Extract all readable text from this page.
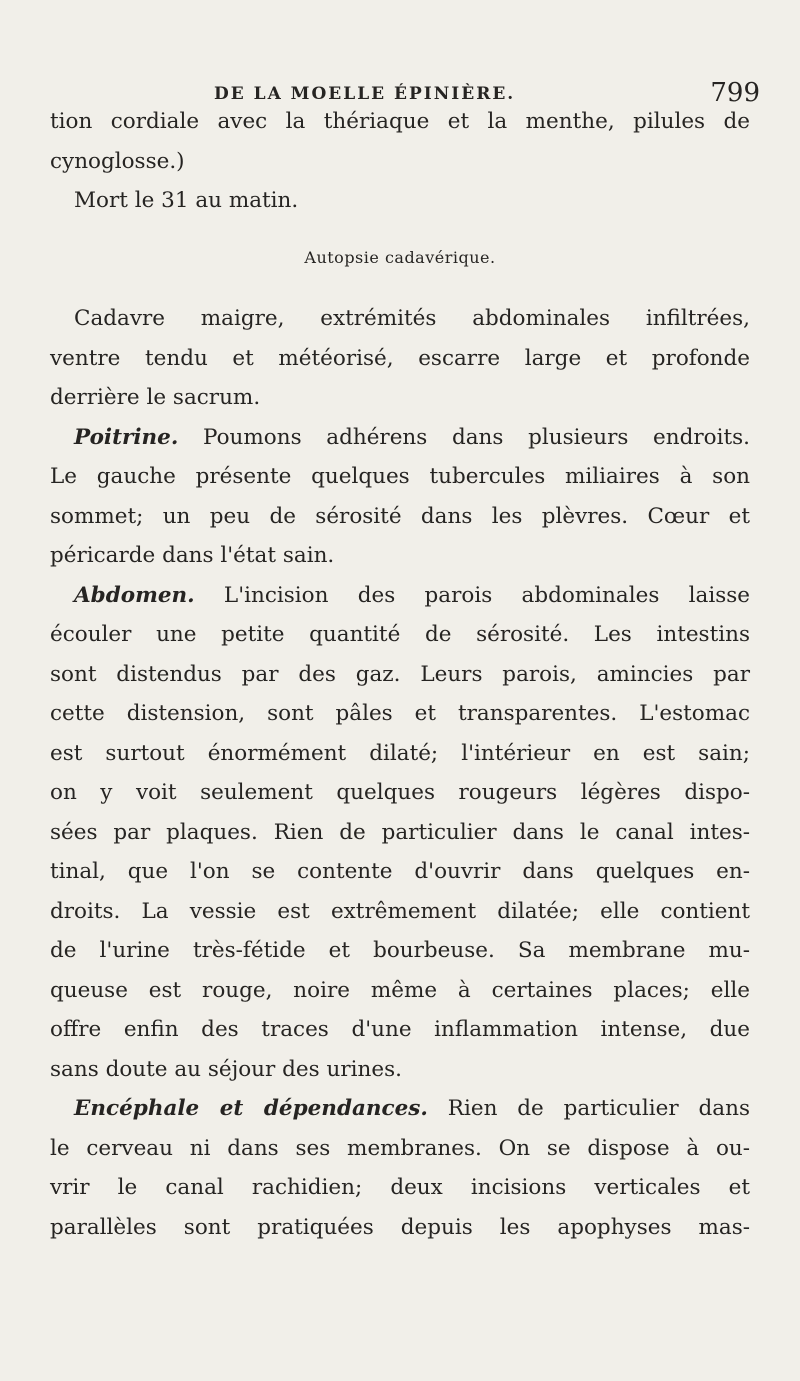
DE LA MOELLE ÉPINIÈRE.	799
tion cordiale avec la thériaque et la menthe, pilules de
cynoglosse.)
Mort le 31 au matin.
Autopsie cadavérique.
Cadavre maigre, extrémités abdominales infiltrées,
ventre tendu et météorisé, escarre large et profonde
derrière le sacrum.
Poitrine. Poumons adhérens dans plusieurs endroits.
Le gauche présente quelques tubercules miliaires à son
sommet; un peu de sérosité dans les plèvres. Cœur et
péricarde dans l'état sain.
Abdomen. L'incision des parois abdominales laisse
écouler une petite quantité de sérosité. Les intestins
sont distendus par des gaz. Leurs parois, amincies par
cette distension, sont pâles et transparentes. L'estomac
est surtout énormément dilaté; l'intérieur en est sain;
on y voit seulement quelques rougeurs légères dispo-
sées par plaques. Rien de particulier dans le canal intes-
tinal, que l'on se contente d'ouvrir dans quelques en-
droits. La vessie est extrêmement dilatée; elle contient
de l'urine très-fétide et bourbeuse. Sa membrane mu-
queuse est rouge, noire même à certaines places; elle
offre enfin des traces d'une inflammation intense, due
sans doute au séjour des urines.
Encéphale et dépendances. Rien de particulier dans
le cerveau ni dans ses membranes. On se dispose à ou-
vrir le canal rachidien; deux incisions verticales et
parallèles sont pratiquées depuis les apophyses mas-
